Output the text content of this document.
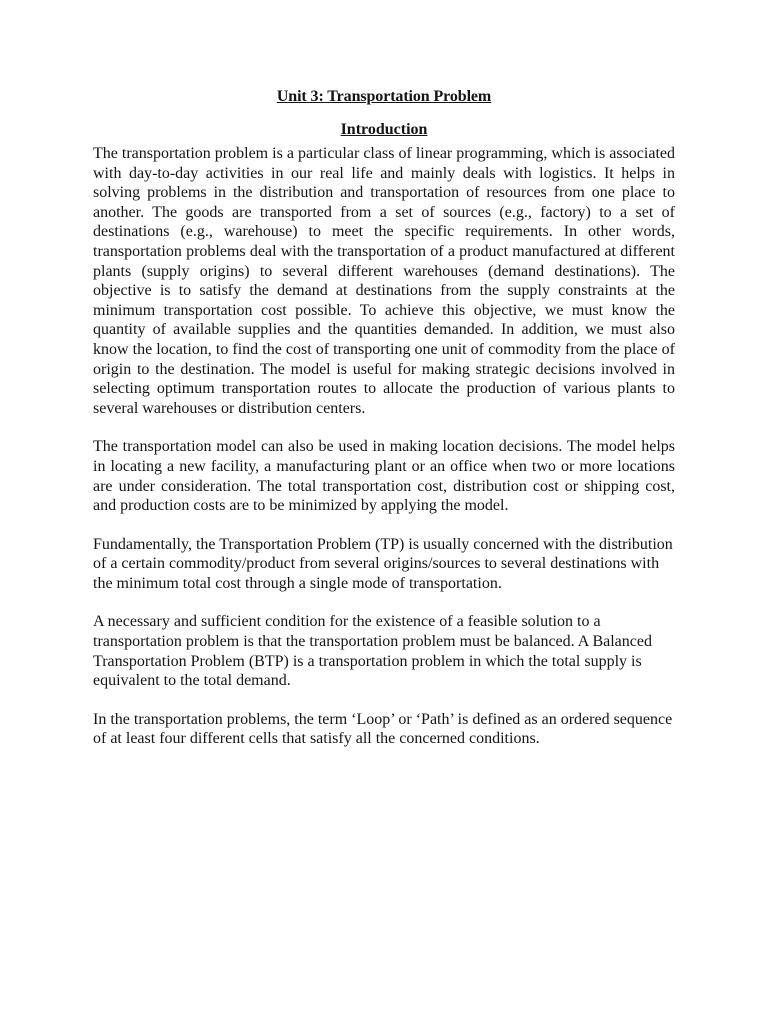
Unit 3: Transportation Problem
Introduction

The transportation problem is a particular class of linear programming, which is associated with day-to-day activities in our real life and mainly deals with logistics. It helps in solving problems in the distribution and transportation of resources from one place to another. The goods are transported from a set of sources (e.g., factory) to a set of destinations (e.g., warehouse) to meet the specific requirements. In other words, transportation problems deal with the transportation of a product manufactured at different plants (supply origins) to several different warehouses (demand destinations). The objective is to satisfy the demand at destinations from the supply constraints at the minimum transportation cost possible. To achieve this objective, we must know the quantity of available supplies and the quantities demanded. In addition, we must also know the location, to find the cost of transporting one unit of commodity from the place of origin to the destination. The model is useful for making strategic decisions involved in selecting optimum transportation routes to allocate the production of various plants to several warehouses or distribution centers.

The transportation model can also be used in making location decisions. The model helps in locating a new facility, a manufacturing plant or an office when two or more locations are under consideration. The total transportation cost, distribution cost or shipping cost, and production costs are to be minimized by applying the model.

Fundamentally, the Transportation Problem (TP) is usually concerned with the distribution of a certain commodity/product from several origins/sources to several destinations with the minimum total cost through a single mode of transportation.

A necessary and sufficient condition for the existence of a feasible solution to a transportation problem is that the transportation problem must be balanced. A Balanced Transportation Problem (BTP) is a transportation problem in which the total supply is equivalent to the total demand.

In the transportation problems, the term ‘Loop’ or ‘Path’ is defined as an ordered sequence of at least four different cells that satisfy all the concerned conditions.
